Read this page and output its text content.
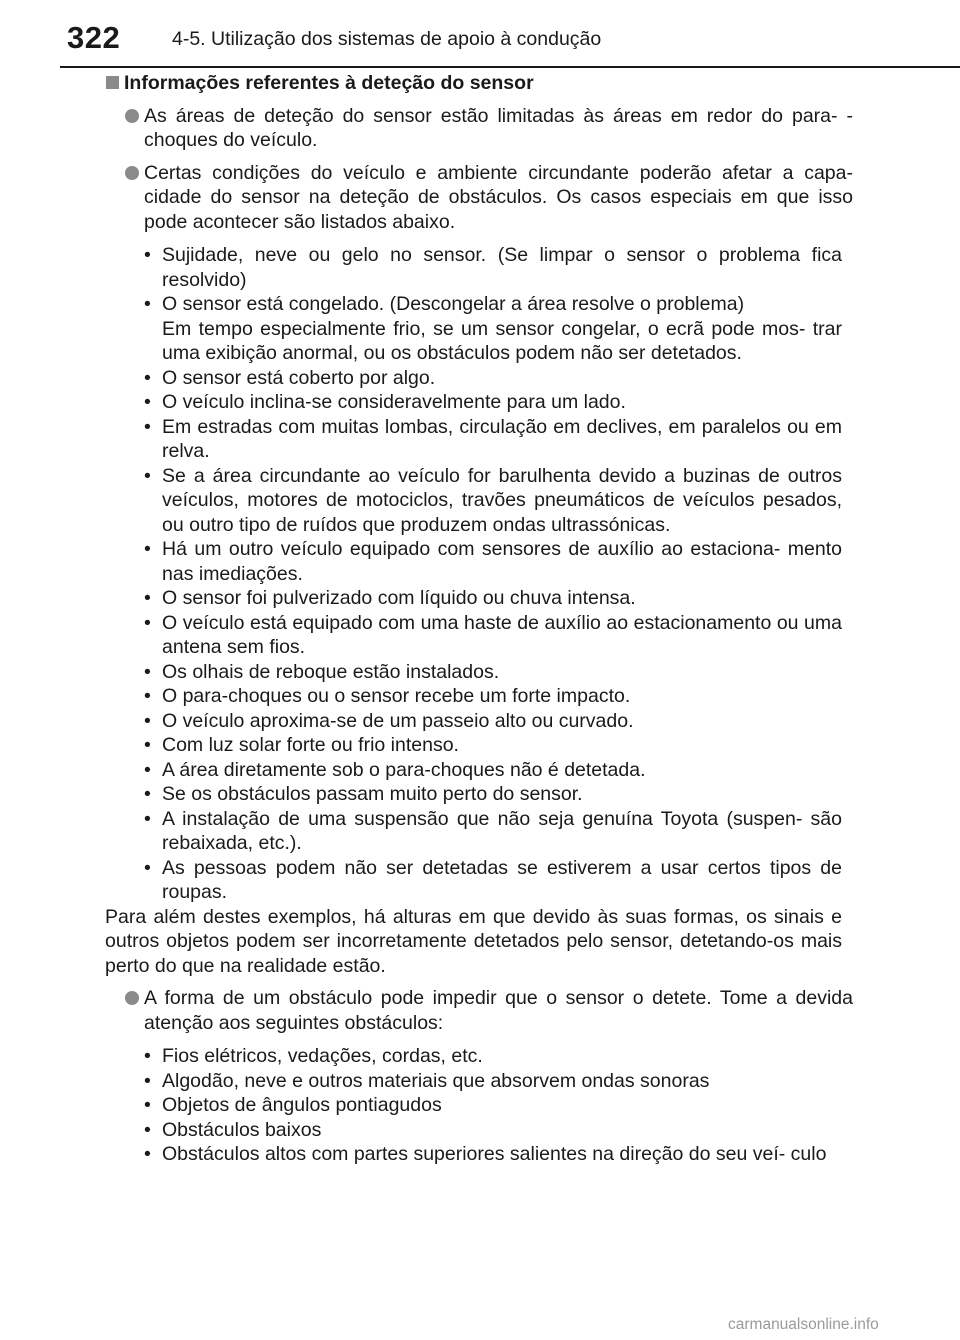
322	4-5. Utilização dos sistemas de apoio à condução

Informações referentes à deteção do sensor

As áreas de deteção do sensor estão limitadas às áreas em redor do para- -choques do veículo.
Certas condições do veículo e ambiente circundante poderão afetar a capa- cidade do sensor na deteção de obstáculos. Os casos especiais em que isso pode acontecer são listados abaixo.
• Sujidade, neve ou gelo no sensor. (Se limpar o sensor o problema fica resolvido)
• O sensor está congelado. (Descongelar a área resolve o problema)
Em tempo especialmente frio, se um sensor congelar, o ecrã pode mos- trar uma exibição anormal, ou os obstáculos podem não ser detetados.
• O sensor está coberto por algo.
• O veículo inclina-se consideravelmente para um lado.
• Em estradas com muitas lombas, circulação em declives, em paralelos ou em relva.
• Se a área circundante ao veículo for barulhenta devido a buzinas de outros veículos, motores de motociclos, travões pneumáticos de veículos pesados, ou outro tipo de ruídos que produzem ondas ultrassónicas.
• Há um outro veículo equipado com sensores de auxílio ao estaciona- mento nas imediações.
• O sensor foi pulverizado com líquido ou chuva intensa.
• O veículo está equipado com uma haste de auxílio ao estacionamento ou uma antena sem fios.
• Os olhais de reboque estão instalados.
• O para-choques ou o sensor recebe um forte impacto.
• O veículo aproxima-se de um passeio alto ou curvado.
• Com luz solar forte ou frio intenso.
• A área diretamente sob o para-choques não é detetada.
• Se os obstáculos passam muito perto do sensor.
• A instalação de uma suspensão que não seja genuína Toyota (suspen- são rebaixada, etc.).
• As pessoas podem não ser detetadas se estiverem a usar certos tipos de roupas.

Para além destes exemplos, há alturas em que devido às suas formas, os sinais e outros objetos podem ser incorretamente detetados pelo sensor, detetando-os mais perto do que na realidade estão.

A forma de um obstáculo pode impedir que o sensor o detete. Tome a devida atenção aos seguintes obstáculos:
• Fios elétricos, vedações, cordas, etc.
• Algodão, neve e outros materiais que absorvem ondas sonoras
• Objetos de ângulos pontiagudos
• Obstáculos baixos
• Obstáculos altos com partes superiores salientes na direção do seu veí- culo
carmanualsonline.info
